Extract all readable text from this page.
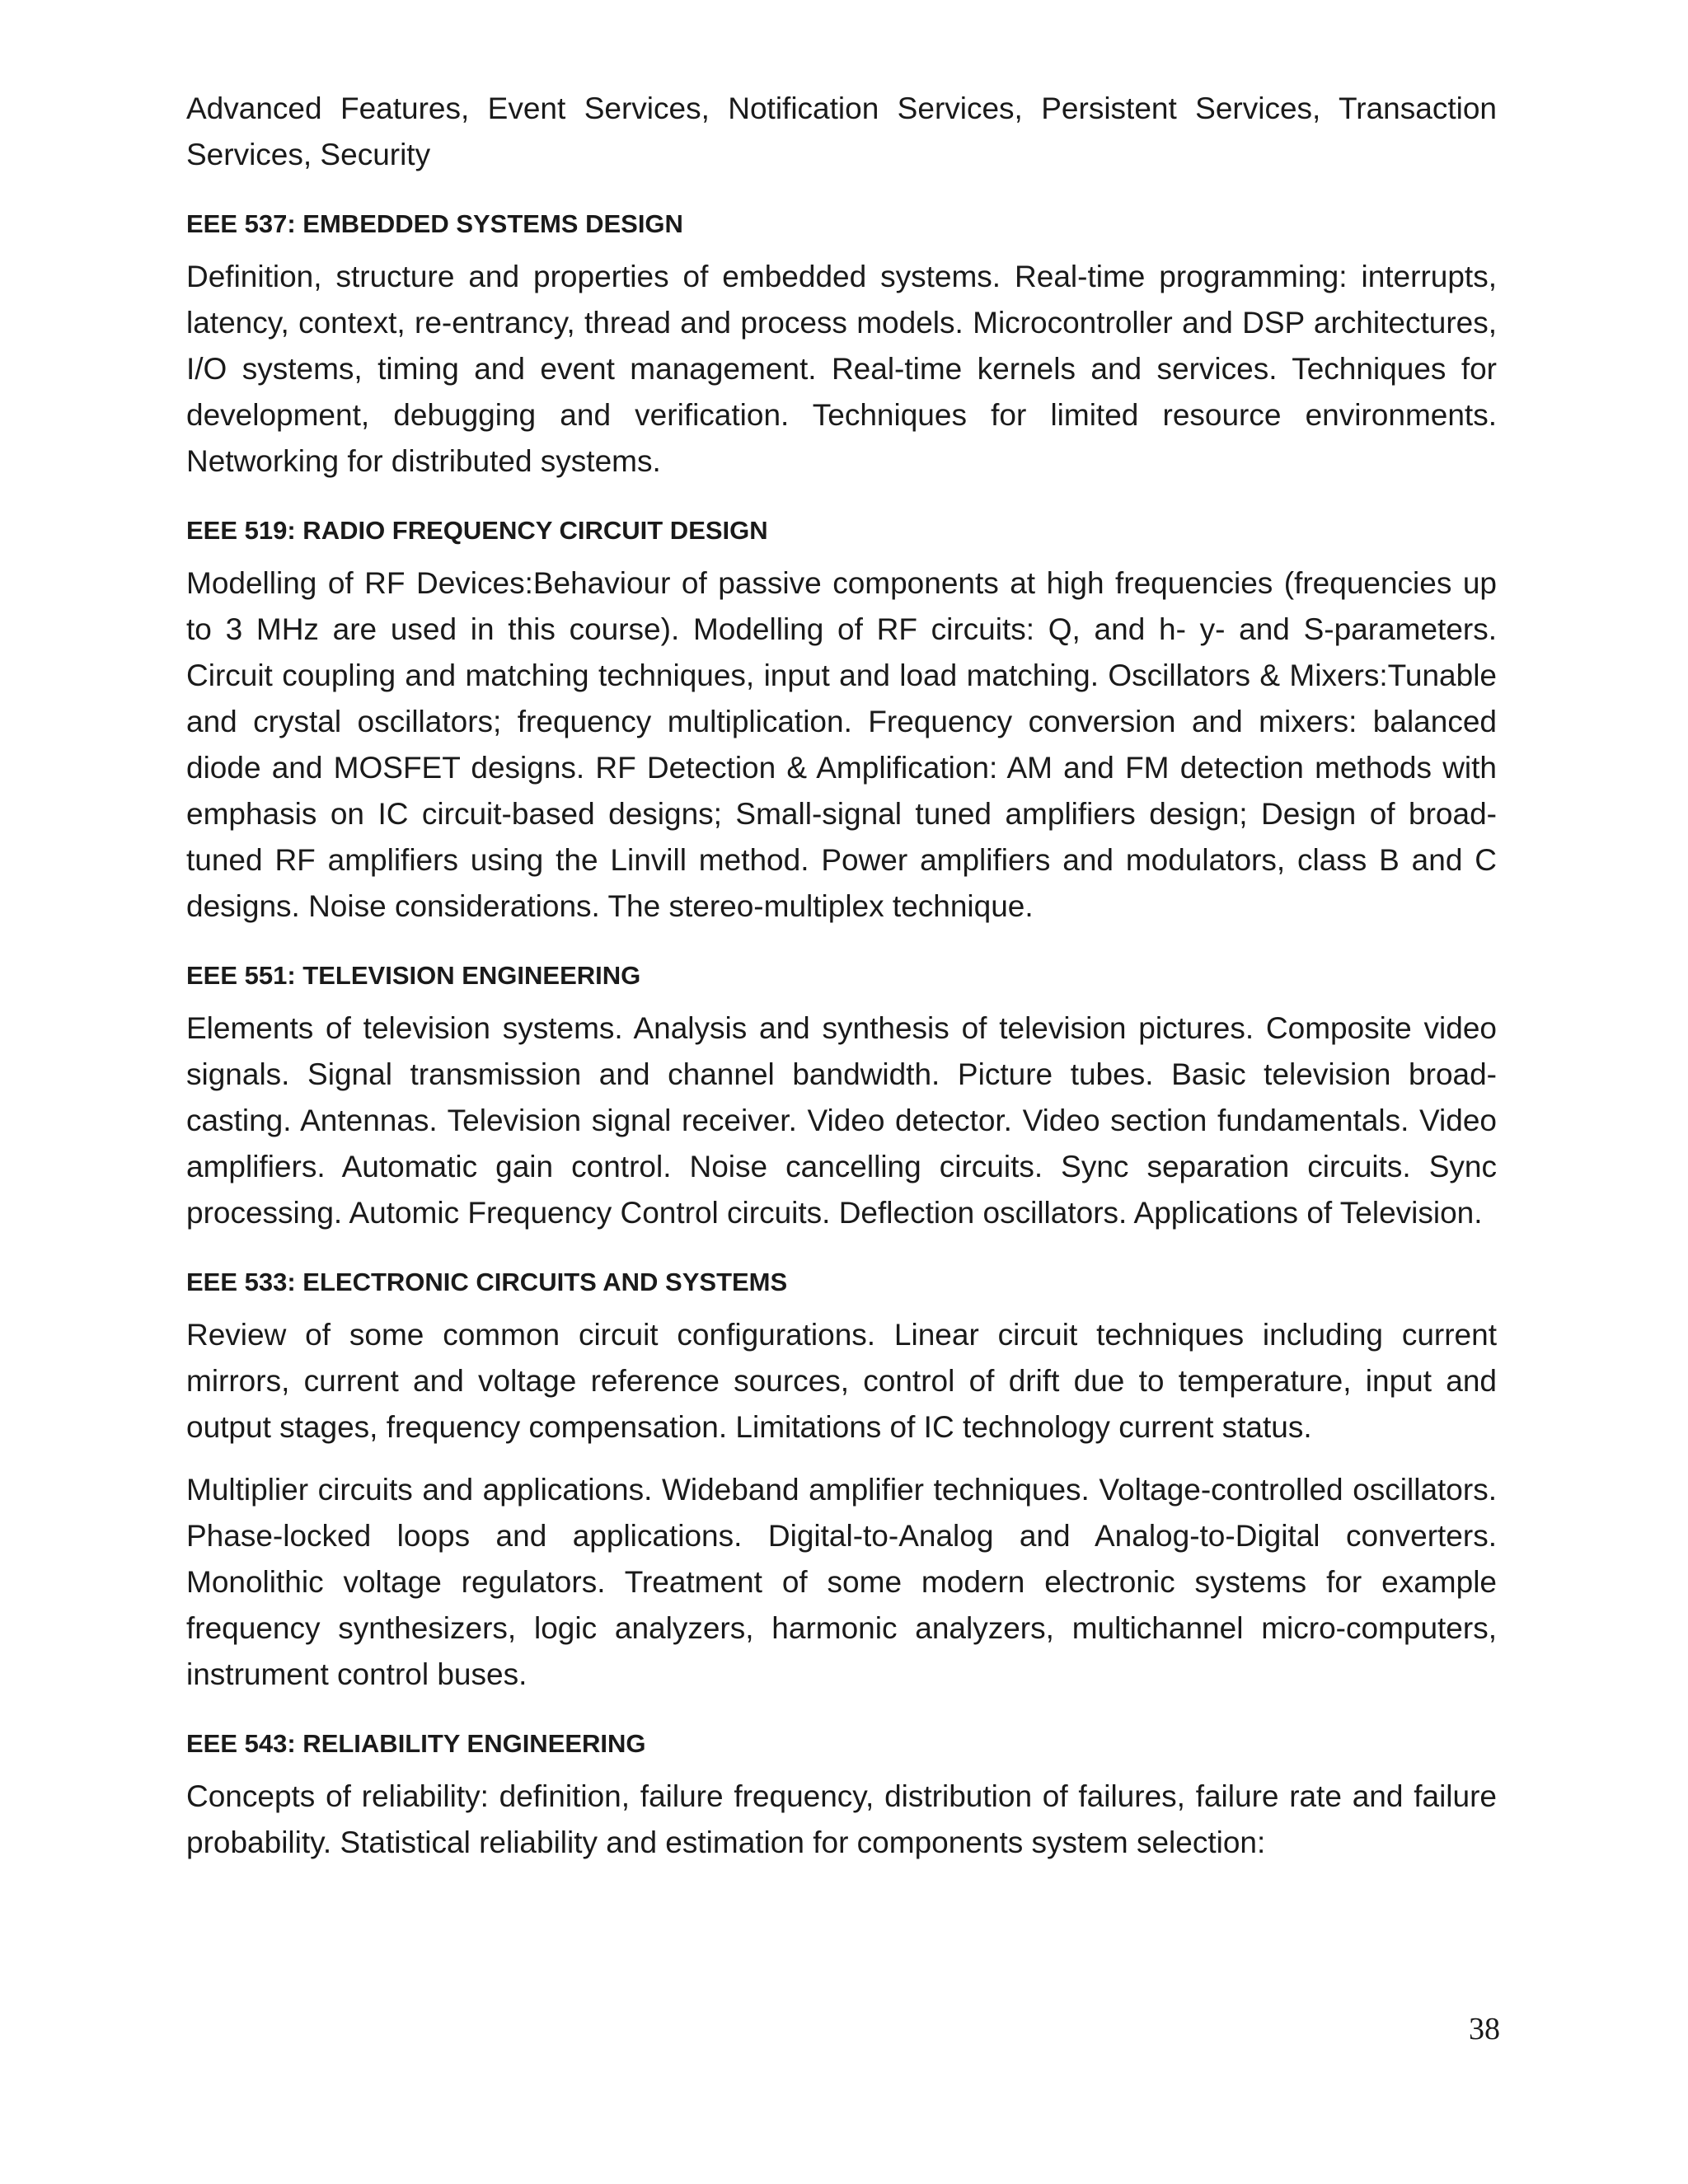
Advanced Features, Event Services, Notification Services, Persistent Services, Transaction Services, Security

EEE 537: EMBEDDED SYSTEMS DESIGN

Definition, structure and properties of embedded systems. Real-time programming: interrupts, latency, context, re-entrancy, thread and process models. Microcontroller and DSP architectures, I/O systems, timing and event management. Real-time kernels and services. Techniques for development, debugging and verification. Techniques for limited resource environments. Networking for distributed systems.

EEE 519: RADIO FREQUENCY CIRCUIT DESIGN

Modelling of RF Devices:Behaviour of passive components at high frequencies (frequencies up to 3 MHz are used in this course). Modelling of RF circuits: Q, and h- y- and S-parameters. Circuit coupling and matching techniques, input and load matching. Oscillators & Mixers:Tunable and crystal oscillators; frequency multiplication. Frequency conversion and mixers: balanced diode and MOSFET designs. RF Detection & Amplification: AM and FM detection methods with emphasis on IC circuit-based designs; Small-signal tuned amplifiers design; Design of broad-tuned RF amplifiers using the Linvill method. Power amplifiers and modulators, class B and C designs. Noise considerations. The stereo-multiplex technique.

EEE 551: TELEVISION ENGINEERING

Elements of television systems. Analysis and synthesis of television pictures. Composite video signals. Signal transmission and channel bandwidth. Picture tubes. Basic television broad-casting. Antennas. Television signal receiver. Video detector. Video section fundamentals. Video amplifiers. Automatic gain control. Noise cancelling circuits. Sync separation circuits. Sync processing. Automic Frequency Control circuits. Deflection oscillators. Applications of Television.

EEE 533: ELECTRONIC CIRCUITS AND SYSTEMS

Review of some common circuit configurations. Linear circuit techniques including current mirrors, current and voltage reference sources, control of drift due to temperature, input and output stages, frequency compensation. Limitations of IC technology current status.

Multiplier circuits and applications. Wideband amplifier techniques. Voltage-controlled oscillators. Phase-locked loops and applications. Digital-to-Analog and Analog-to-Digital converters. Monolithic voltage regulators. Treatment of some modern electronic systems for example frequency synthesizers, logic analyzers, harmonic analyzers, multichannel micro-computers, instrument control buses.

EEE 543: RELIABILITY ENGINEERING

Concepts of reliability: definition, failure frequency, distribution of failures, failure rate and failure probability. Statistical reliability and estimation for components system selection:

38
